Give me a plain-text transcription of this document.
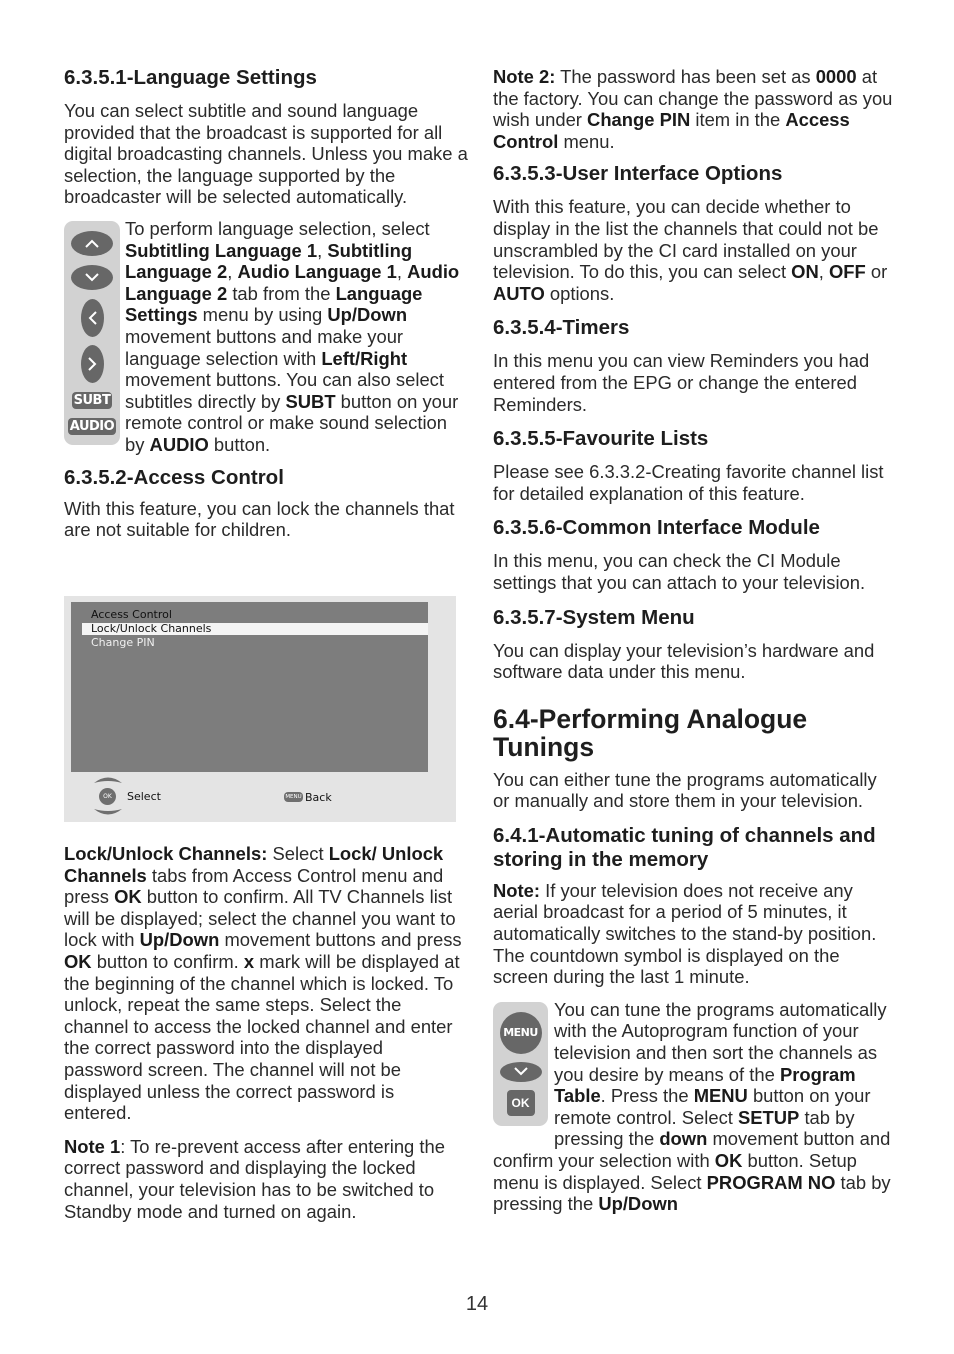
6.3.5.1-Language Settings

You can select subtitle and sound language provided that the broadcast is supported for all digital broadcasting channels. Unless you make a selection, the language supported by the broadcaster will be selected automatically.

SUBT
AUDIO

To perform language selection, select Subtitling Language 1, Subtitling Language 2, Audio Language 1, Audio Language 2 tab from the Language Settings menu by using Up/Down movement buttons and make your language selection with Left/Right movement buttons. You can also select subtitles directly by SUBT button on your remote control or make sound selection by AUDIO button.

6.3.5.2-Access Control

With this feature, you can lock the channels that are not suitable for children.

Access Control
Lock/Unlock Channels
Change PIN
OK	Select	MENU Back

Lock/Unlock Channels: Select Lock/ Unlock Channels tabs from Access Control menu and press OK button to confirm. All TV Channels list will be displayed; select the channel you want to lock with Up/Down movement buttons and press OK button to confirm. x mark will be displayed at the beginning of the channel which is locked. To unlock, repeat the same steps. Select the channel to access the locked channel and enter the correct password into the displayed password screen. The channel will not be displayed unless the correct password is entered.

Note 1: To re-prevent access after entering the correct password and displaying the locked channel, your television has to be switched to Standby mode and turned on again.

Note 2: The password has been set as 0000 at the factory. You can change the password as you wish under Change PIN item in the Access Control menu.

6.3.5.3-User Interface Options

With this feature, you can decide whether to display in the list the channels that could not be unscrambled by the CI card installed on your television. To do this, you can select ON, OFF or AUTO options.

6.3.5.4-Timers

In this menu you can view Reminders you had entered from the EPG or change the entered Reminders.

6.3.5.5-Favourite Lists

Please see 6.3.3.2-Creating favorite channel list for detailed explanation of this feature.

6.3.5.6-Common Interface Module

In this menu, you can check the CI Module settings that you can attach to your television.

6.3.5.7-System Menu

You can display your television’s hardware and software data under this menu.

6.4-Performing Analogue Tunings

You can either tune the programs automatically or manually and store them in your television.

6.4.1-Automatic tuning of channels and storing in the memory

Note: If your television does not receive any aerial broadcast for a period of 5 minutes, it automatically switches to the stand-by position. The countdown symbol is displayed on the screen during the last 1 minute.

MENU
OK

You can tune the programs automatically with the Autoprogram function of your television and then sort the channels as you desire by means of the Program Table. Press the MENU button on your remote control. Select SETUP tab by pressing the down movement button and confirm your selection with OK button. Setup menu is displayed. Select PROGRAM NO tab by pressing the Up/Down

14
